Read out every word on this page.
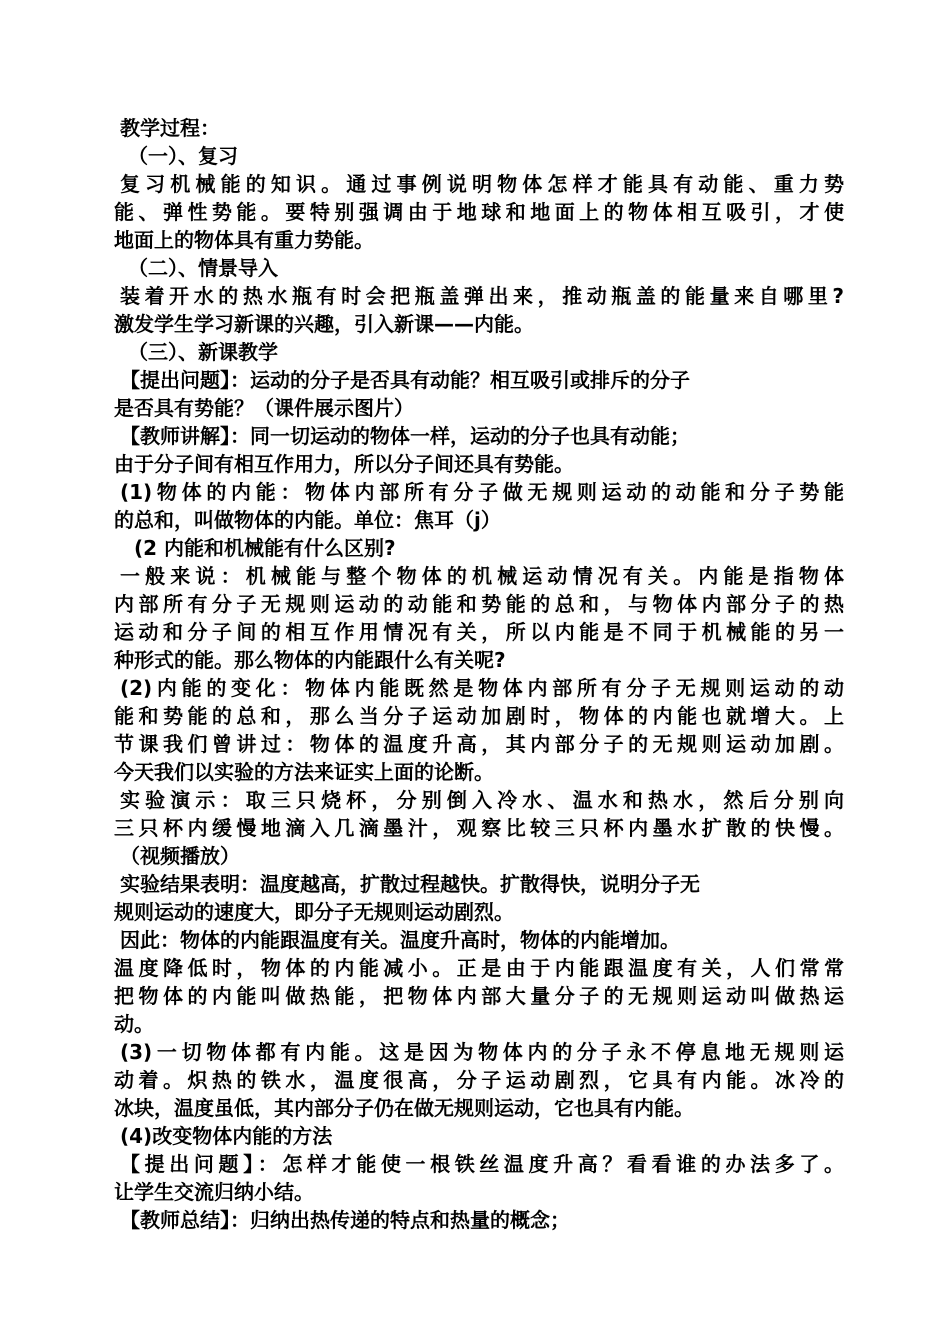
教学过程：
（一）、复习
复习机械能的知识。通过事例说明物体怎样才能具有动能、重力势
能、弹性势能。要特别强调由于地球和地面上的物体相互吸引，才使
地面上的物体具有重力势能。
（二）、情景导入
装着开水的热水瓶有时会把瓶盖弹出来，推动瓶盖的能量来自哪里?
激发学生学习新课的兴趣，引入新课——内能。
（三）、新课教学
【提出问题】：运动的分子是否具有动能？相互吸引或排斥的分子
是否具有势能？（课件展示图片）
【教师讲解】：同一切运动的物体一样，运动的分子也具有动能；
由于分子间有相互作用力，所以分子间还具有势能。
(1)物体的内能：物体内部所有分子做无规则运动的动能和分子势能
的总和，叫做物体的内能。单位：焦耳（j）
(2 内能和机械能有什么区别?
一般来说：机械能与整个物体的机械运动情况有关。内能是指物体
内部所有分子无规则运动的动能和势能的总和，与物体内部分子的热
运动和分子间的相互作用情况有关，所以内能是不同于机械能的另一
种形式的能。那么物体的内能跟什么有关呢?
(2)内能的变化：物体内能既然是物体内部所有分子无规则运动的动
能和势能的总和，那么当分子运动加剧时，物体的内能也就增大。上
节课我们曾讲过：物体的温度升高，其内部分子的无规则运动加剧。
今天我们以实验的方法来证实上面的论断。
实验演示：取三只烧杯，分别倒入冷水、温水和热水，然后分别向
三只杯内缓慢地滴入几滴墨汁，观察比较三只杯内墨水扩散的快慢。
（视频播放）
实验结果表明：温度越高，扩散过程越快。扩散得快，说明分子无
规则运动的速度大，即分子无规则运动剧烈。
因此：物体的内能跟温度有关。温度升高时，物体的内能增加。
温度降低时，物体的内能减小。正是由于内能跟温度有关，人们常常
把物体的内能叫做热能，把物体内部大量分子的无规则运动叫做热运
动。
(3)一切物体都有内能。这是因为物体内的分子永不停息地无规则运
动着。炽热的铁水，温度很高，分子运动剧烈，它具有内能。冰冷的
冰块，温度虽低，其内部分子仍在做无规则运动，它也具有内能。
(4)改变物体内能的方法
【提出问题】：怎样才能使一根铁丝温度升高？看看谁的办法多了。
让学生交流归纳小结。
【教师总结】：归纳出热传递的特点和热量的概念；
